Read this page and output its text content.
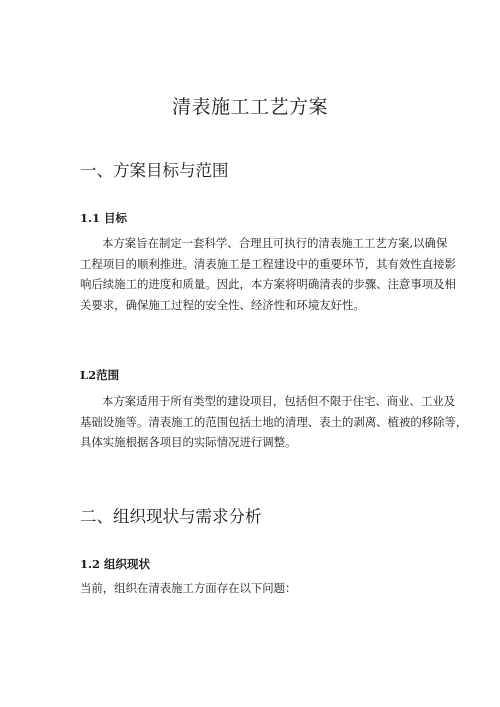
清表施工工艺方案
一、方案目标与范围
1.1 目标

本方案旨在制定一套科学、合理且可执行的清表施工工艺方案,以确保
工程项目的顺利推进。清表施工是工程建设中的重要环节，其有效性直接影
响后续施工的进度和质量。因此，本方案将明确清表的步骤、注意事项及相
关要求，确保施工过程的安全性、经济性和环境友好性。

L2范围

本方案适用于所有类型的建设项目，包括但不限于住宅、商业、工业及
基础设施等。清表施工的范围包括土地的清理、表土的剥离、植被的移除等，
具体实施根据各项目的实际情况进行调整。

二、组织现状与需求分析
1.2 组织现状

当前，组织在清表施工方面存在以下问题：
